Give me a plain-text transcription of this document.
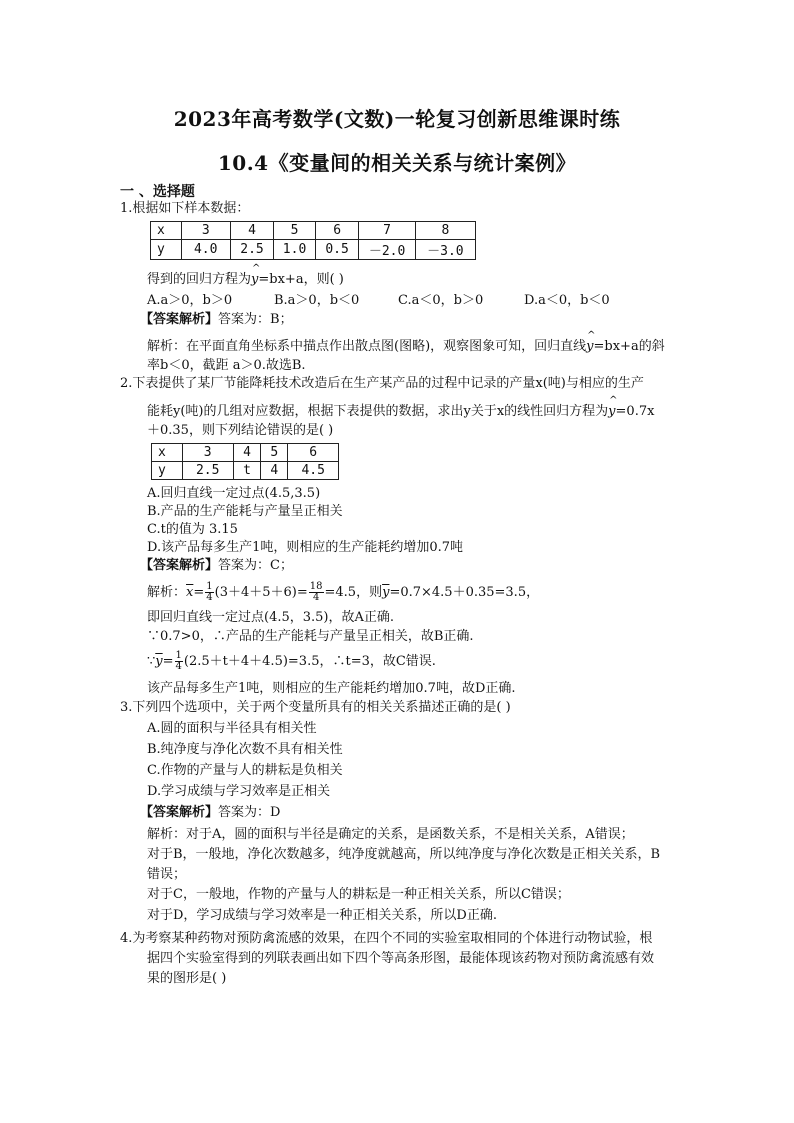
2023年高考数学(文数)一轮复习创新思维课时练
10.4《变量间的相关关系与统计案例》
一 、选择题
1.根据如下样本数据：
x	3	4	5	6	7	8
y	4.0	2.5	1.0	0.5	－2.0	－3.0
得到的回归方程为^ y=bx+a，则( )
A.a＞0，b＞0	B.a＞0，b＜0	C.a＜0，b＞0	D.a＜0，b＜0
【答案解析】答案为：B；
解析：在平面直角坐标系中描点作出散点图(图略)，观察图象可知，回归直线^ y=bx+a的斜
率b＜0，截距 a＞0.故选B.
2.下表提供了某厂节能降耗技术改造后在生产某产品的过程中记录的产量x(吨)与相应的生产
能耗y(吨)的几组对应数据，根据下表提供的数据，求出y关于x的线性回归方程为^ y=0.7x
＋0.35，则下列结论错误的是( )
x	3	4	5	6
y	2.5	t	4	4.5
A.回归直线一定过点(4.5,3.5)
B.产品的生产能耗与产量呈正相关
C.t的值为 3.15
D.该产品每多生产1吨，则相应的生产能耗约增加0.7吨
【答案解析】答案为：C；
解析：$\overline{x}= \frac{1}{4} (3+4+5+6)= \frac{18}{4} =4.5$，则$\overline{y}=0.7\times 4.5+0.35=3.5$，
即回归直线一定过点(4.5，3.5)，故A正确.
∵0.7>0，∴产品的生产能耗与产量呈正相关，故B正确.
$\because\overline{y}= \frac{1}{4} (2.5+t+4+4.5)=3.5$，∴t=3，故C错误.
该产品每多生产1吨，则相应的生产能耗约增加0.7吨，故D正确.
3.下列四个选项中，关于两个变量所具有的相关关系描述正确的是( )
A.圆的面积与半径具有相关性
B.纯净度与净化次数不具有相关性
C.作物的产量与人的耕耘是负相关
D.学习成绩与学习效率是正相关
【答案解析】答案为：D
解析：对于A，圆的面积与半径是确定的关系，是函数关系，不是相关关系，A错误；
对于B，一般地，净化次数越多，纯净度就越高，所以纯净度与净化次数是正相关关系，B
错误；
对于C，一般地，作物的产量与人的耕耘是一种正相关关系，所以C错误；
对于D，学习成绩与学习效率是一种正相关关系，所以D正确.
4.为考察某种药物对预防禽流感的效果，在四个不同的实验室取相同的个体进行动物试验，根
据四个实验室得到的列联表画出如下四个等高条形图，最能体现该药物对预防禽流感有效
果的图形是( )
